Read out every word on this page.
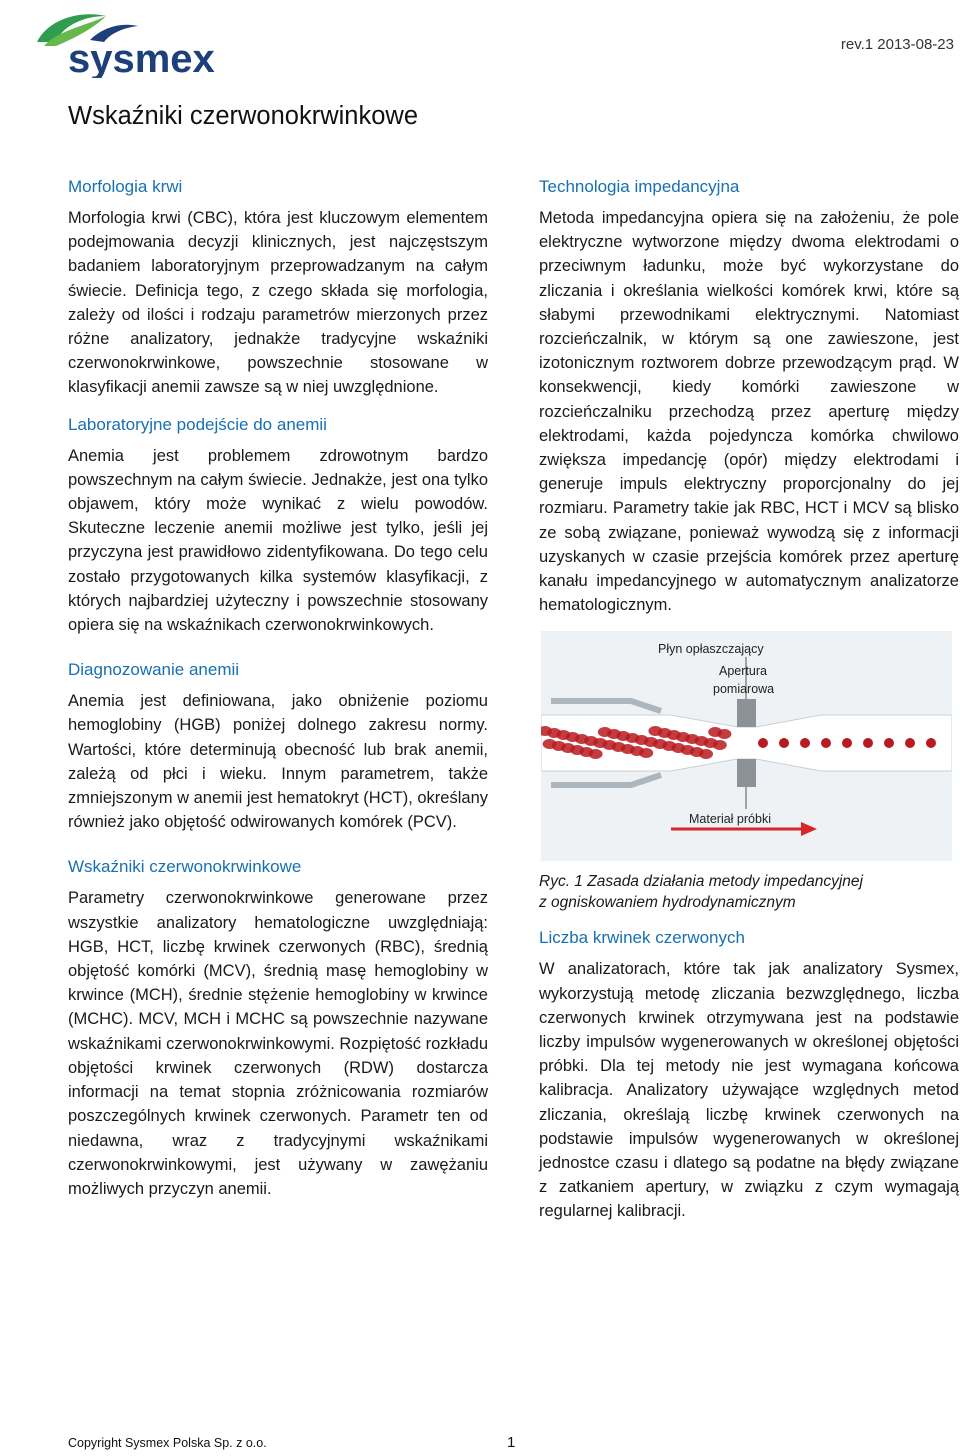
sysmex	rev.1 2013-08-23
Wskaźniki czerwonokrwinkowe
Morfologia krwi

Morfologia krwi (CBC), która jest kluczowym elementem podejmowania decyzji klinicznych, jest najczęstszym badaniem laboratoryjnym przeprowadzanym na całym świecie. Definicja tego, z czego składa się morfologia, zależy od ilości i rodzaju parametrów mierzonych przez różne analizatory, jednakże tradycyjne wskaźniki czerwonokrwinkowe, powszechnie stosowane w klasyfikacji anemii zawsze są w niej uwzględnione.

Laboratoryjne podejście do anemii

Anemia jest problemem zdrowotnym bardzo powszechnym na całym świecie. Jednakże, jest ona tylko objawem, który może wynikać z wielu powodów. Skuteczne leczenie anemii możliwe jest tylko, jeśli jej przyczyna jest prawidłowo zidentyfikowana. Do tego celu zostało przygotowanych kilka systemów klasyfikacji, z których najbardziej użyteczny i powszechnie stosowany opiera się na wskaźnikach czerwonokrwinkowych.

Diagnozowanie anemii

Anemia jest definiowana, jako obniżenie poziomu hemoglobiny (HGB) poniżej dolnego zakresu normy. Wartości, które determinują obecność lub brak anemii, zależą od płci i wieku. Innym parametrem, także zmniejszonym w anemii jest hematokryt (HCT), określany również jako objętość odwirowanych komórek (PCV).

Wskaźniki czerwonokrwinkowe

Parametry czerwonokrwinkowe generowane przez wszystkie analizatory hematologiczne uwzględniają: HGB, HCT, liczbę krwinek czerwonych (RBC), średnią objętość komórki (MCV), średnią masę hemoglobiny w krwince (MCH), średnie stężenie hemoglobiny w krwince (MCHC). MCV, MCH i MCHC są powszechnie nazywane wskaźnikami czerwonokrwinkowymi. Rozpiętość rozkładu objętości krwinek czerwonych (RDW) dostarcza informacji na temat stopnia zróżnicowania rozmiarów poszczególnych krwinek czerwonych. Parametr ten od niedawna, wraz z tradycyjnymi wskaźnikami czerwonokrwinkowymi, jest używany w zawężaniu możliwych przyczyn anemii.

Technologia impedancyjna

Metoda impedancyjna opiera się na założeniu, że pole elektryczne wytworzone między dwoma elektrodami o przeciwnym ładunku, może być wykorzystane do zliczania i określania wielkości komórek krwi, które są słabymi przewodnikami elektrycznymi. Natomiast rozcieńczalnik, w którym są one zawieszone, jest izotonicznym roztworem dobrze przewodzącym prąd. W konsekwencji, kiedy komórki zawieszone w rozcieńczalniku przechodzą przez aperturę między elektrodami, każda pojedyncza komórka chwilowo zwiększa impedancję (opór) między elektrodami i generuje impuls elektryczny proporcjonalny do jej rozmiaru. Parametry takie jak RBC, HCT i MCV są blisko ze sobą związane, ponieważ wywodzą się z informacji uzyskanych w czasie przejścia komórek przez aperturę kanału impedancyjnego w automatycznym analizatorze hematologicznym.

Płyn opłaszczający
Apertura
pomiarowa
Materiał próbki
Ryc. 1 Zasada działania metody impedancyjnej
z ogniskowaniem hydrodynamicznym
Liczba krwinek czerwonych

W analizatorach, które tak jak analizatory Sysmex, wykorzystują metodę zliczania bezwzględnego, liczba czerwonych krwinek otrzymywana jest na podstawie liczby impulsów wygenerowanych w określonej objętości próbki. Dla tej metody nie jest wymagana końcowa kalibracja. Analizatory używające względnych metod zliczania, określają liczbę krwinek czerwonych na podstawie impulsów wygenerowanych w określonej jednostce czasu i dlatego są podatne na błędy związane z zatkaniem apertury, w związku z czym wymagają regularnej kalibracji.

Copyright Sysmex Polska Sp. z o.o.	1
